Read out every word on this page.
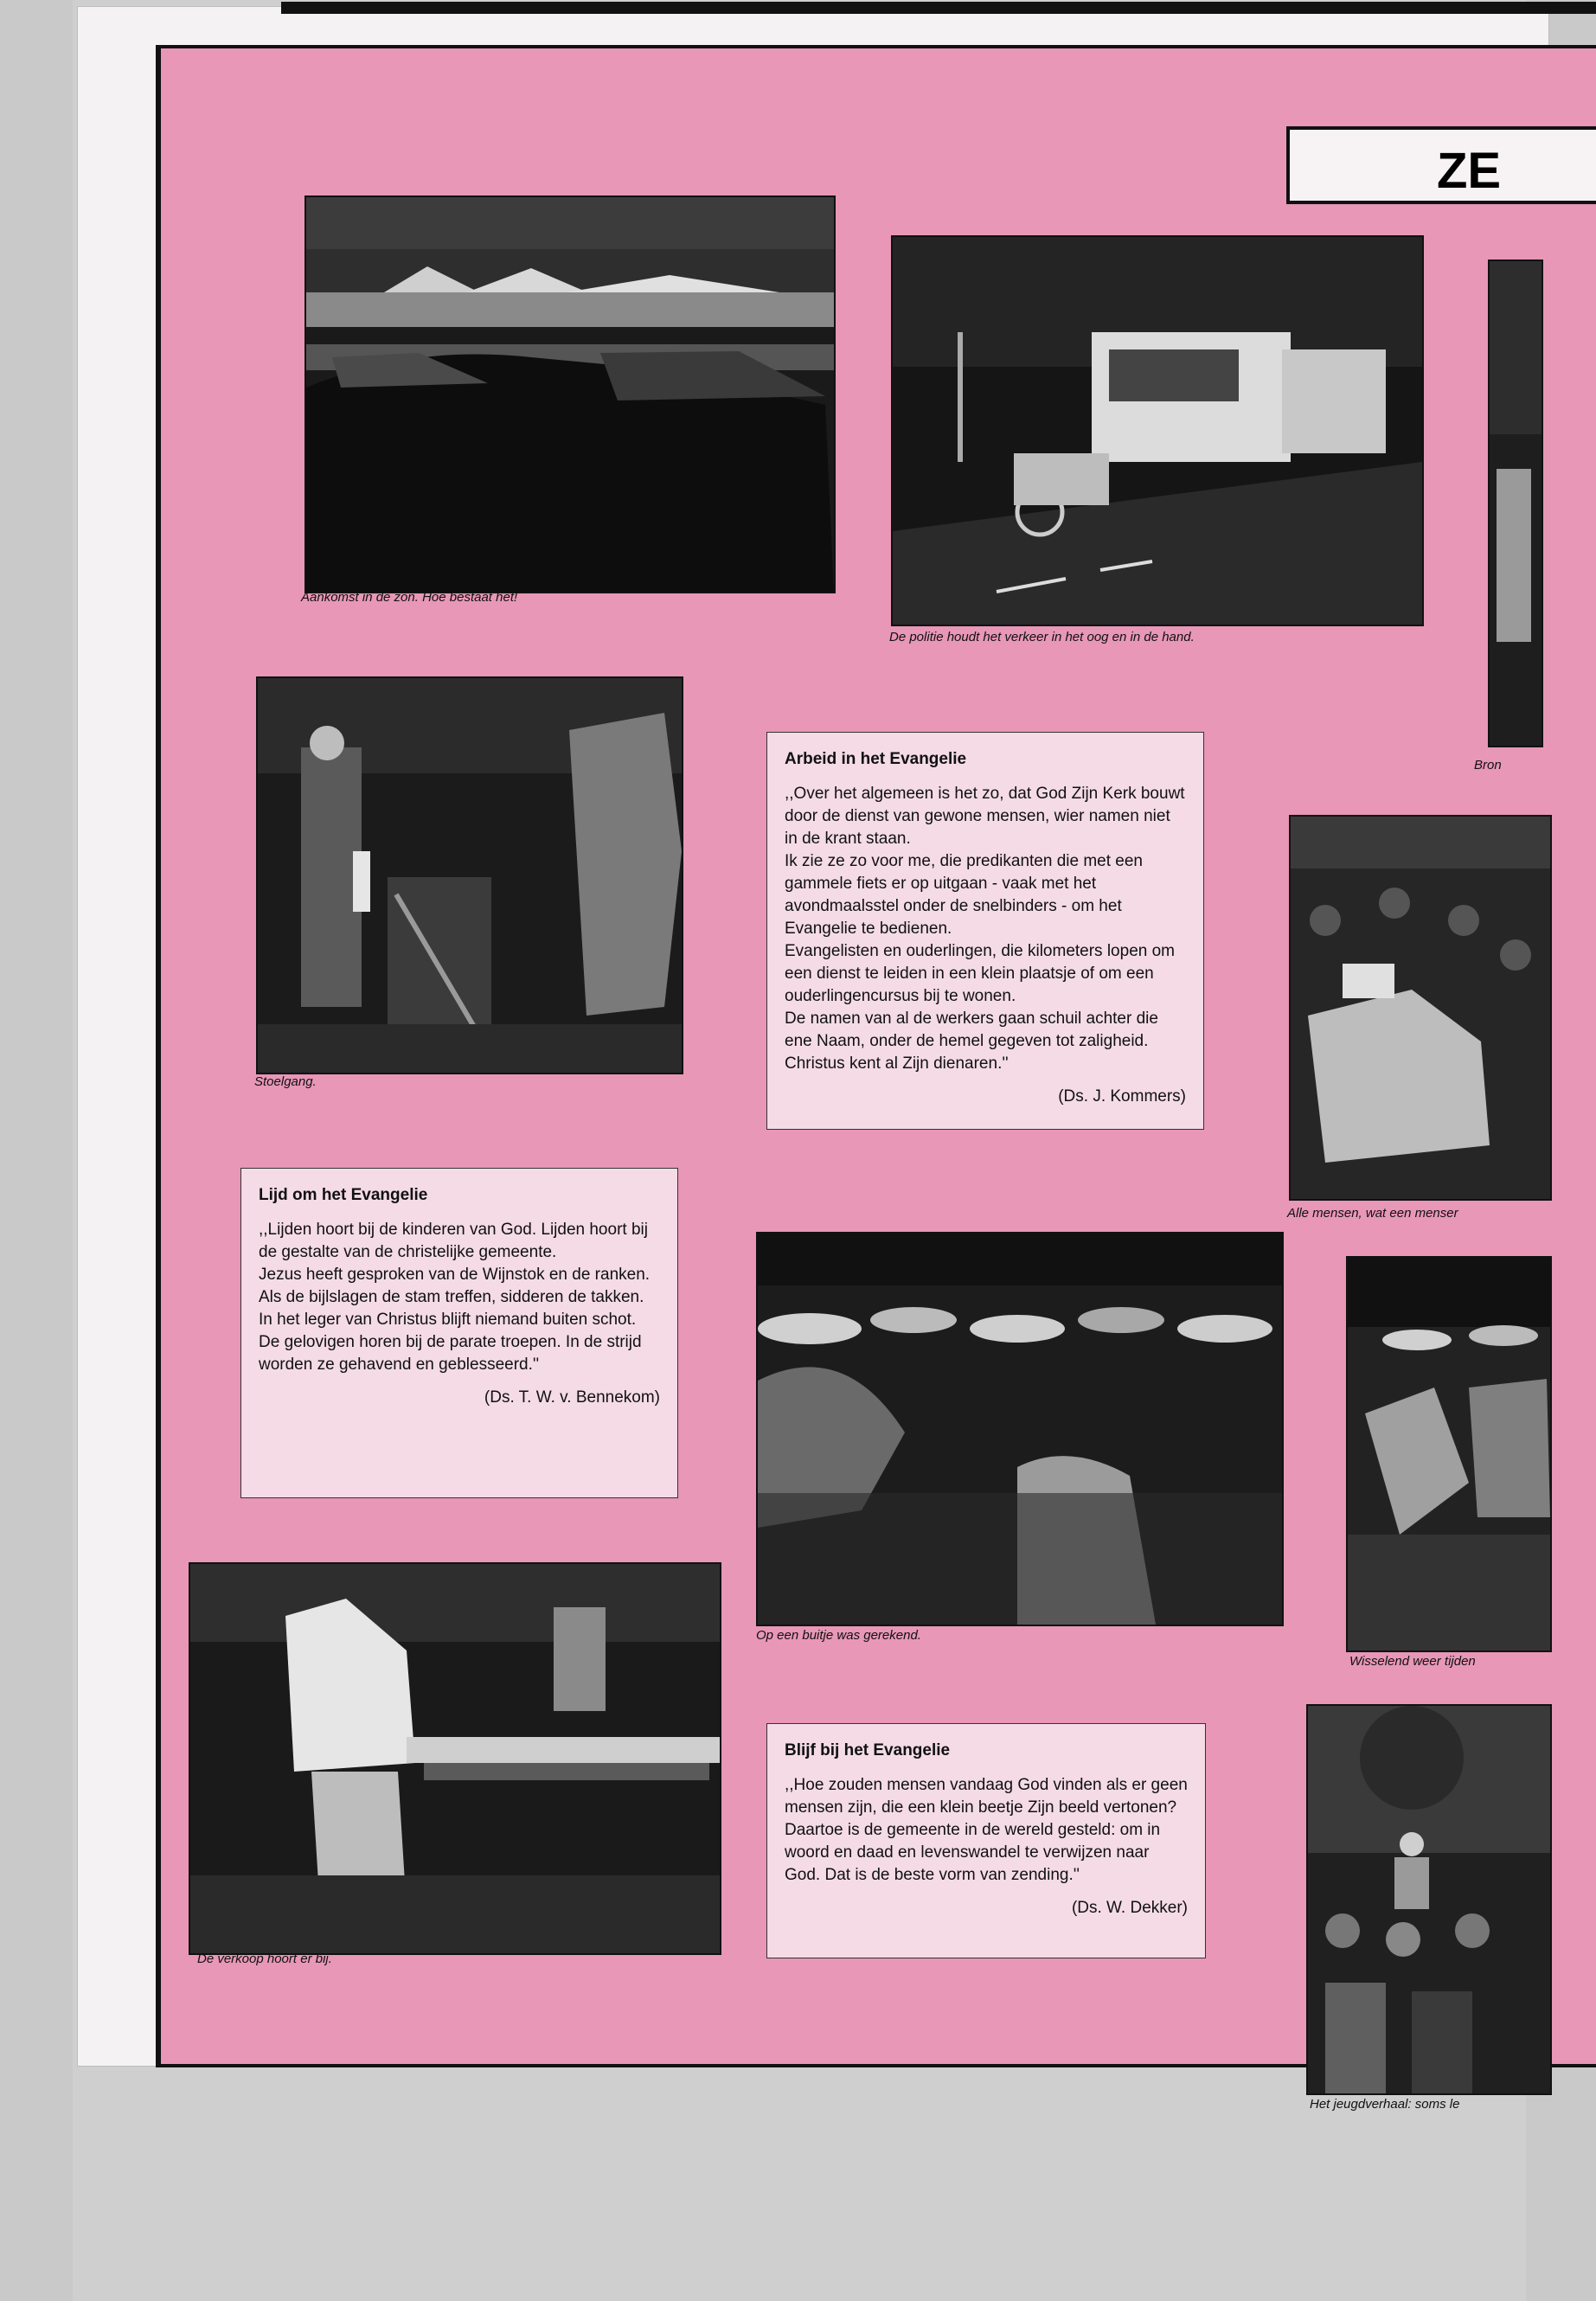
ZE
Aankomst in de zon. Hoe bestaat het!
De politie houdt het verkeer in het oog en in de hand.
Bron
Stoelgang.
Arbeid in het Evangelie
,,Over het algemeen is het zo, dat God Zijn Kerk bouwt door de dienst van gewone mensen, wier namen niet in de krant staan.
Ik zie ze zo voor me, die predikanten die met een gammele fiets er op uitgaan - vaak met het avondmaalsstel onder de snelbinders - om het Evangelie te bedienen.
Evangelisten en ouderlingen, die kilometers lopen om een dienst te leiden in een klein plaatsje of om een ouderlingencursus bij te wonen.
De namen van al de werkers gaan schuil achter die ene Naam, onder de hemel gegeven tot zaligheid. Christus kent al Zijn dienaren.''
(Ds. J. Kommers)
Alle mensen, wat een menser
Lijd om het Evangelie
,,Lijden hoort bij de kinderen van God. Lijden hoort bij de gestalte van de christelijke gemeente.
Jezus heeft gesproken van de Wijnstok en de ranken. Als de bijlslagen de stam treffen, sidderen de takken.
In het leger van Christus blijft niemand buiten schot. De gelovigen horen bij de parate troepen. In de strijd worden ze gehavend en geblesseerd.''
(Ds. T. W. v. Bennekom)
Op een buitje was gerekend.
Wisselend weer tijden
De verkoop hoort er bij.
Blijf bij het Evangelie
,,Hoe zouden mensen vandaag God vinden als er geen mensen zijn, die een klein beetje Zijn beeld vertonen? Daartoe is de gemeente in de wereld gesteld: om in woord en daad en levenswandel te verwijzen naar God. Dat is de beste vorm van zending.''
(Ds. W. Dekker)
Het jeugdverhaal: soms le
